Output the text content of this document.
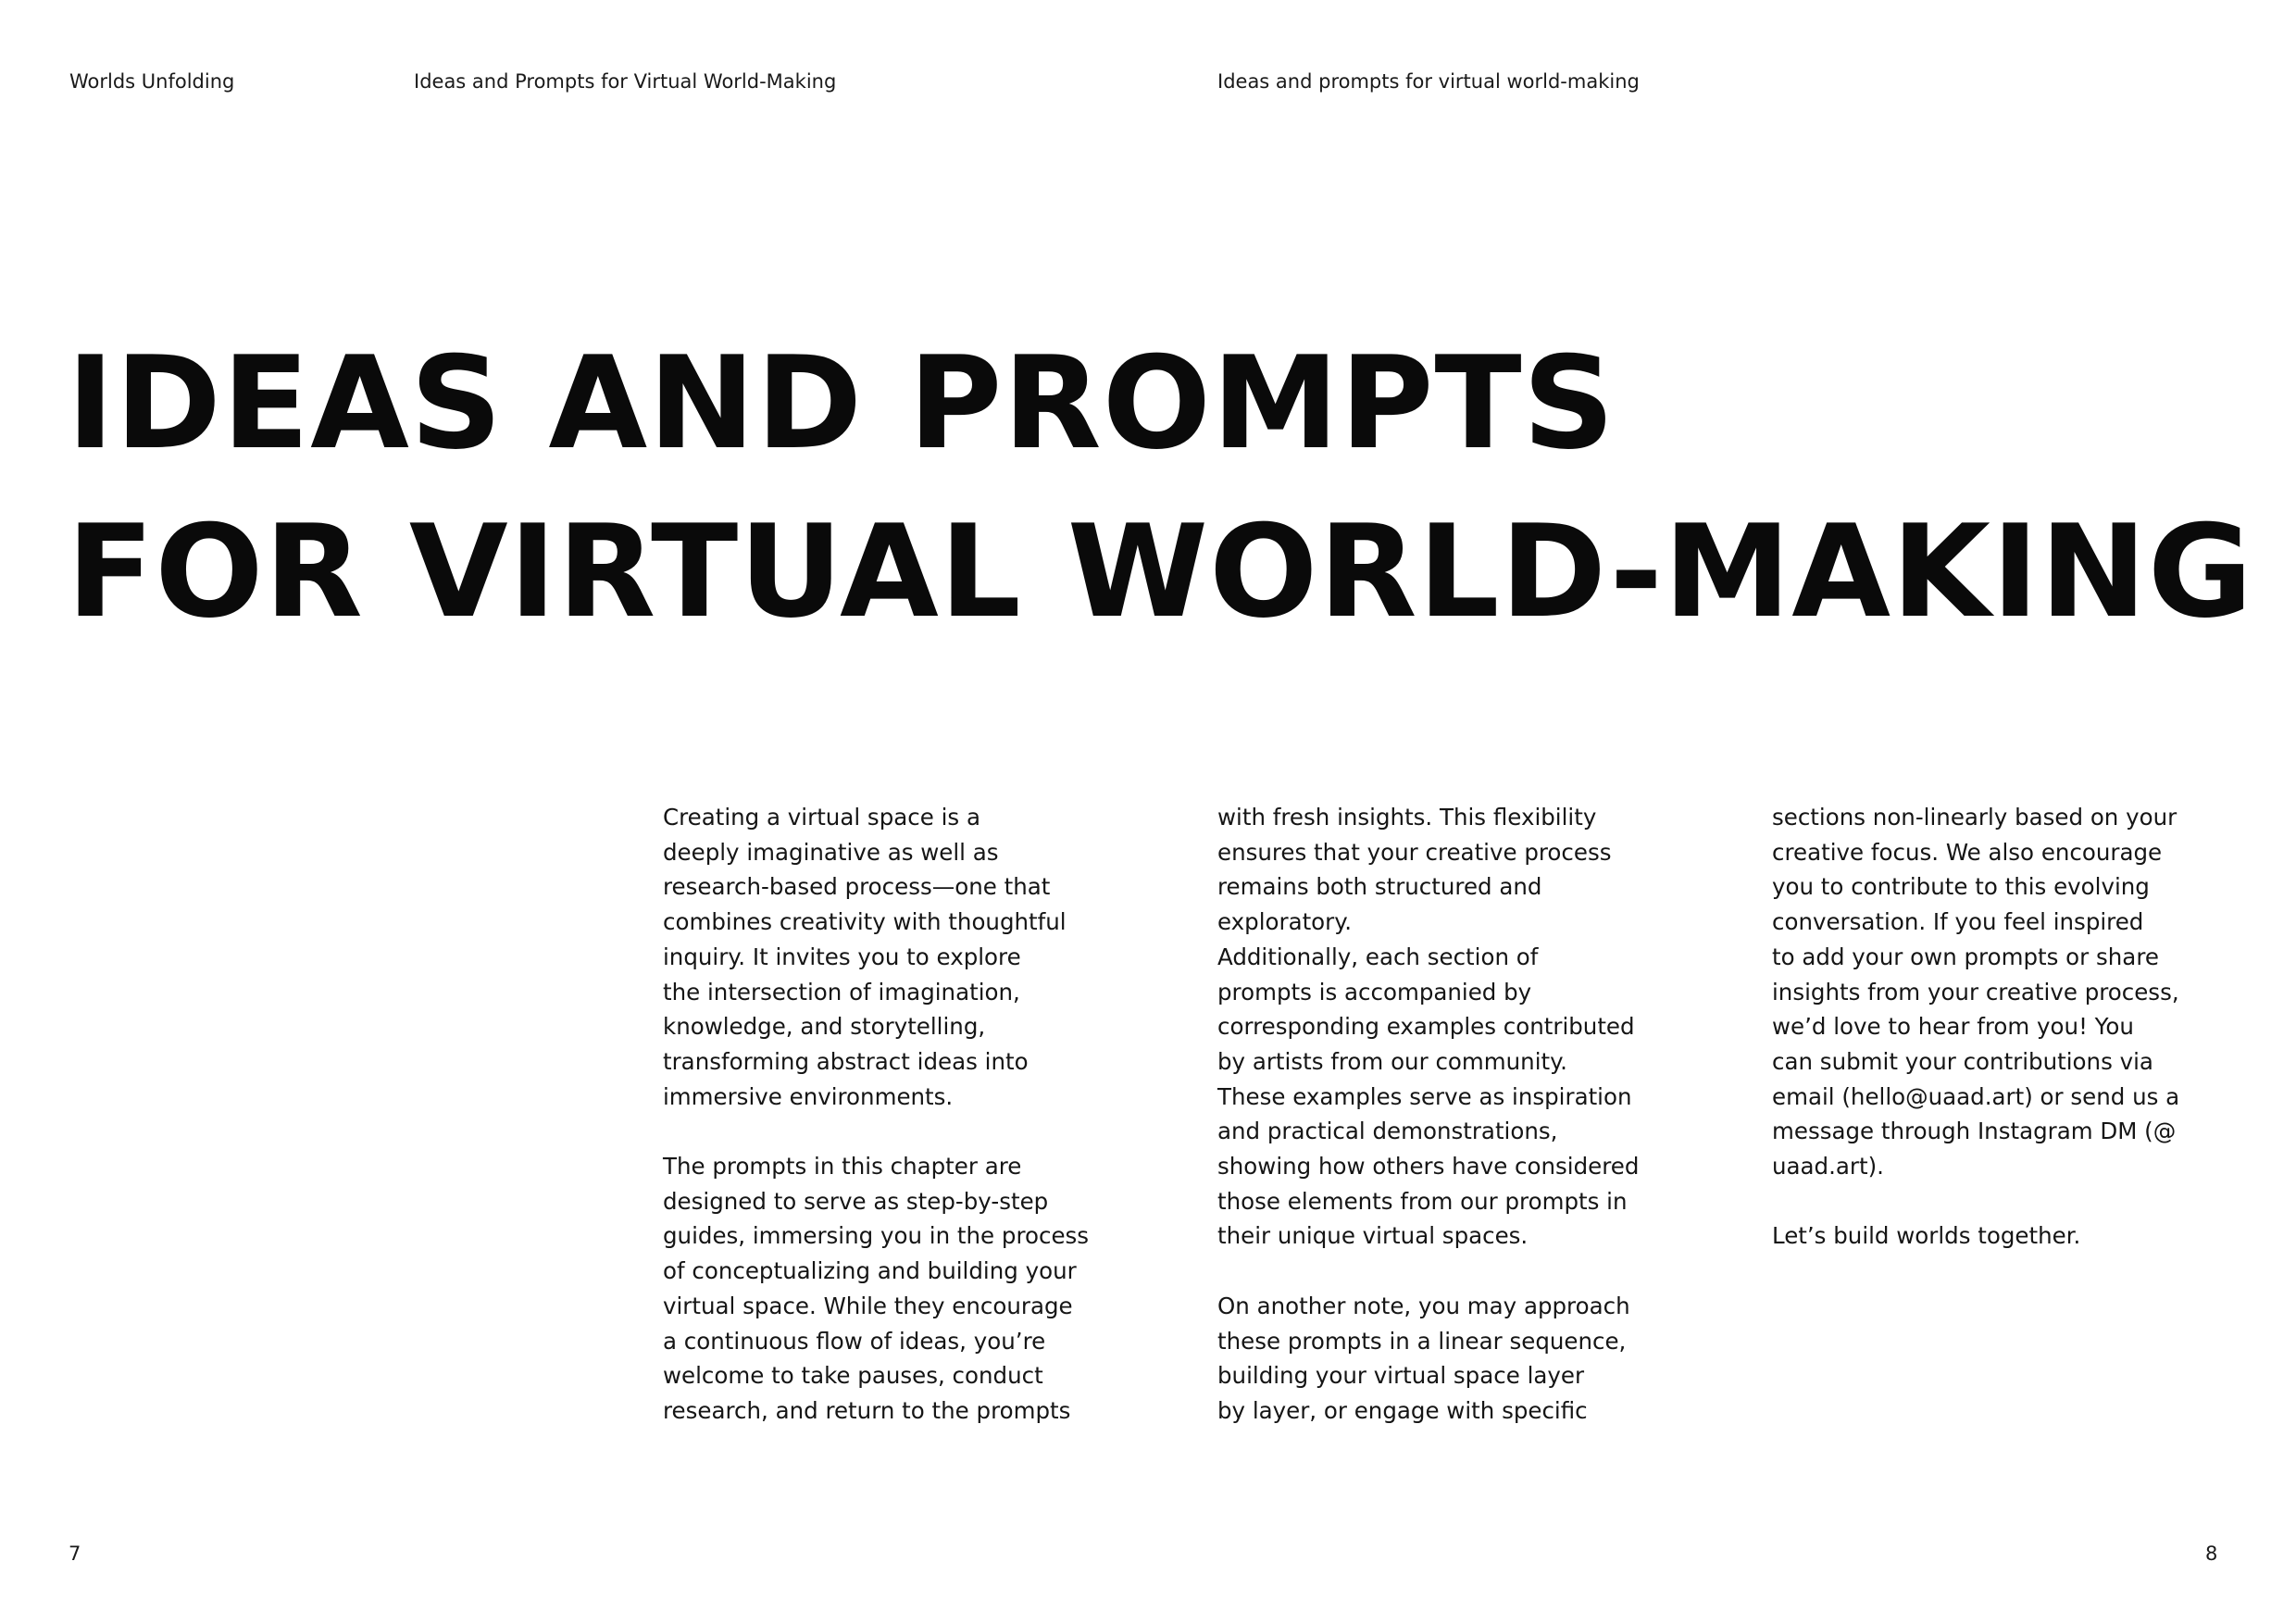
Worlds Unfolding	Ideas and Prompts for Virtual World-Making	Ideas and prompts for virtual world-making
IDEAS AND PROMPTS
FOR VIRTUAL WORLD-MAKING

Creating a virtual space is a

deeply imaginative as well as

research-based process—one that

combines creativity with thoughtful

inquiry. It invites you to explore

the intersection of imagination,

knowledge, and storytelling,

transforming abstract ideas into

immersive environments.

The prompts in this chapter are

designed to serve as step-by-step

guides, immersing you in the process

of conceptualizing and building your

virtual space. While they encourage

a continuous flow of ideas, you’re

welcome to take pauses, conduct

research, and return to the prompts

with fresh insights. This flexibility

ensures that your creative process

remains both structured and

exploratory.

Additionally, each section of

prompts is accompanied by

corresponding examples contributed

by artists from our community.

These examples serve as inspiration

and practical demonstrations,

showing how others have considered

those elements from our prompts in

their unique virtual spaces.

On another note, you may approach

these prompts in a linear sequence,

building your virtual space layer

by layer, or engage with specific

sections non-linearly based on your

creative focus. We also encourage

you to contribute to this evolving

conversation. If you feel inspired

to add your own prompts or share

insights from your creative process,

we’d love to hear from you! You

can submit your contributions via

email (hello@uaad.art) or send us a

message through Instagram DM (@

uaad.art).

Let’s build worlds together.

7	8
